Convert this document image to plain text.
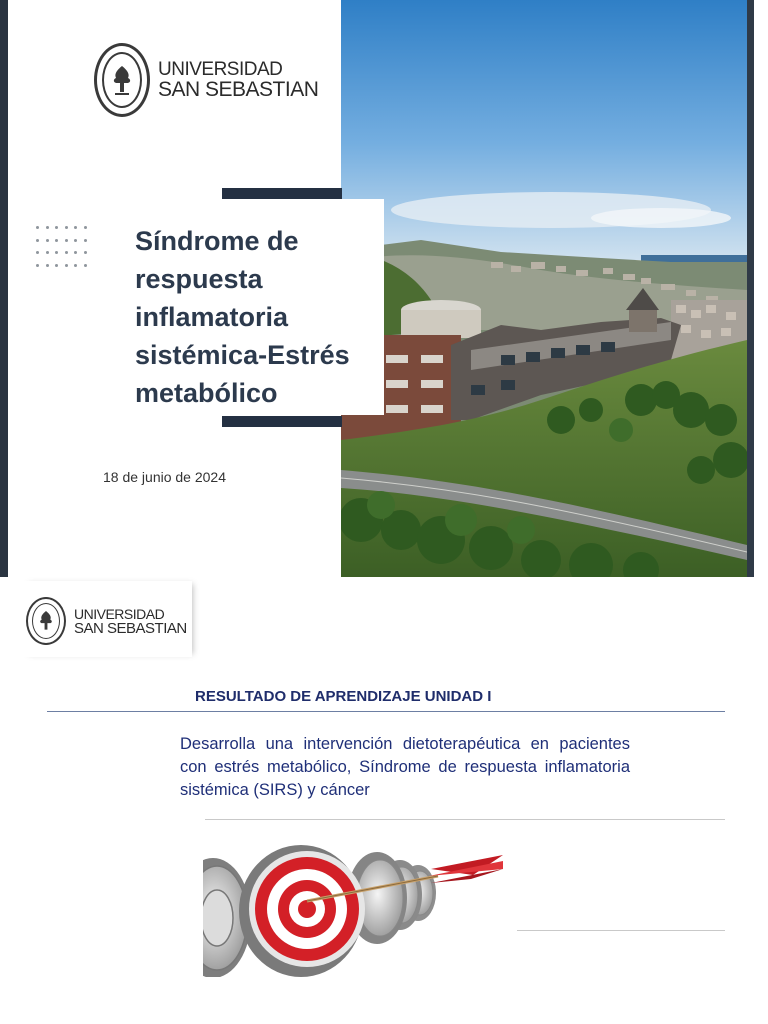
UNIVERSIDAD
SAN SEBASTIAN
Síndrome de respuesta inflamatoria sistémica-Estrés metabólico
18 de junio de 2024
UNIVERSIDAD
SAN SEBASTIAN
RESULTADO DE APRENDIZAJE UNIDAD I

Desarrolla una intervención dietoterapéutica en pacientes con estrés metabólico, Síndrome de respuesta inflamatoria sistémica (SIRS) y cáncer
